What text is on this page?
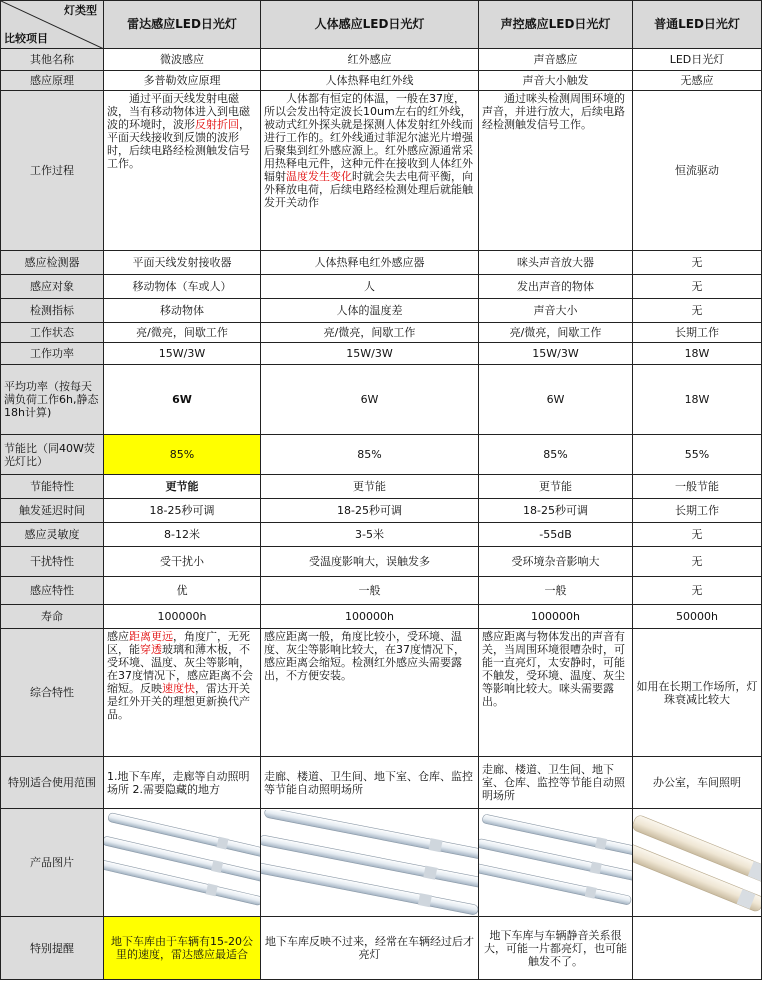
灯类型
比较项目	雷达感应LED日光灯	人体感应LED日光灯	声控感应LED日光灯	普通LED日光灯
其他名称	微波感应	红外感应	声音感应	LED日光灯
感应原理	多普勒效应原理	人体热释电红外线	声音大小触发	无感应
工作过程	通过平面天线发射电磁波，当有移动物体进入到电磁波的环境时，波形反射折回，平面天线接收到反馈的波形时，后续电路经检测触发信号工作。	人体都有恒定的体温，一般在37度，所以会发出特定波长10um左右的红外线，被动式红外探头就是探测人体发射红外线而进行工作的。红外线通过菲泥尔滤光片增强后聚集到红外感应源上。红外感应源通常采用热释电元件，这种元件在接收到人体红外辐射温度发生变化时就会失去电荷平衡，向外释放电荷，后续电路经检测处理后就能触发开关动作	通过咪头检测周围环境的声音，并进行放大，后续电路经检测触发信号工作。	恒流驱动
感应检测器	平面天线发射接收器	人体热释电红外感应器	咪头声音放大器	无
感应对象	移动物体（车或人）	人	发出声音的物体	无
检测指标	移动物体	人体的温度差	声音大小	无
工作状态	亮/微亮，间歇工作	亮/微亮，间歇工作	亮/微亮，间歇工作	长期工作
工作功率	15W/3W	15W/3W	15W/3W	18W
平均功率（按每天满负荷工作6h,静态18h计算)	6W	6W	6W	18W
节能比（同40W荧光灯比）	85%	85%	85%	55%
节能特性	更节能	更节能	更节能	一般节能
触发延迟时间	18-25秒可调	18-25秒可调	18-25秒可调	长期工作
感应灵敏度	8-12米	3-5米	-55dB	无
干扰特性	受干扰小	受温度影响大，误触发多	受环境杂音影响大	无
感应特性	优	一般	一般	无
寿命	100000h	100000h	100000h	50000h
综合特性	感应距离更远，角度广，无死区，能穿透玻璃和薄木板，不受环境、温度、灰尘等影响，在37度情况下，感应距离不会缩短。反映速度快，雷达开关是红外开关的理想更新换代产品。	感应距离一般，角度比较小，受环境、温度、灰尘等影响比较大，在37度情况下，感应距离会缩短。检测红外感应头需要露出，不方便安装。	感应距离与物体发出的声音有关，当周围环境很嘈杂时，可能一直亮灯，太安静时，可能不触发，受环境、温度、灰尘等影响比较大。咪头需要露出。	如用在长期工作场所，灯珠衰减比较大
特别适合使用范围	1.地下车库，走廊等自动照明场所 2.需要隐藏的地方	走廊、楼道、卫生间、地下室、仓库、监控等节能自动照明场所	走廊、楼道、卫生间、地下室、仓库、监控等节能自动照明场所	办公室，车间照明
产品图片	

特别提醒	地下车库由于车辆有15-20公里的速度，雷达感应最适合	地下车库反映不过来，经常在车辆经过后才亮灯	地下车库与车辆静音关系很大，可能一片都亮灯，也可能触发不了。	
